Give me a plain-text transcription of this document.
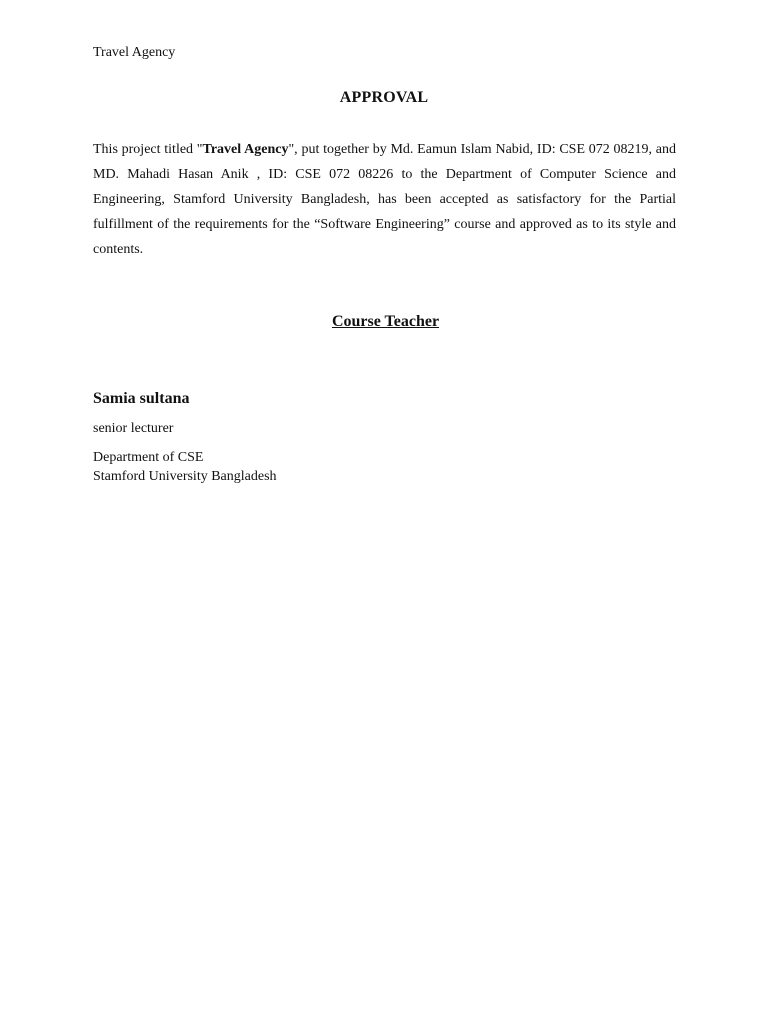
Travel Agency
APPROVAL

This project titled "Travel Agency", put together by Md. Eamun Islam Nabid, ID: CSE 072 08219, and MD. Mahadi Hasan Anik , ID: CSE 072 08226 to the Department of Computer Science and Engineering, Stamford University Bangladesh, has been accepted as satisfactory for the Partial fulfillment of the requirements for the “Software Engineering” course and approved as to its style and contents.

Course Teacher
Samia sultana
senior lecturer
Department of CSE
Stamford University Bangladesh
